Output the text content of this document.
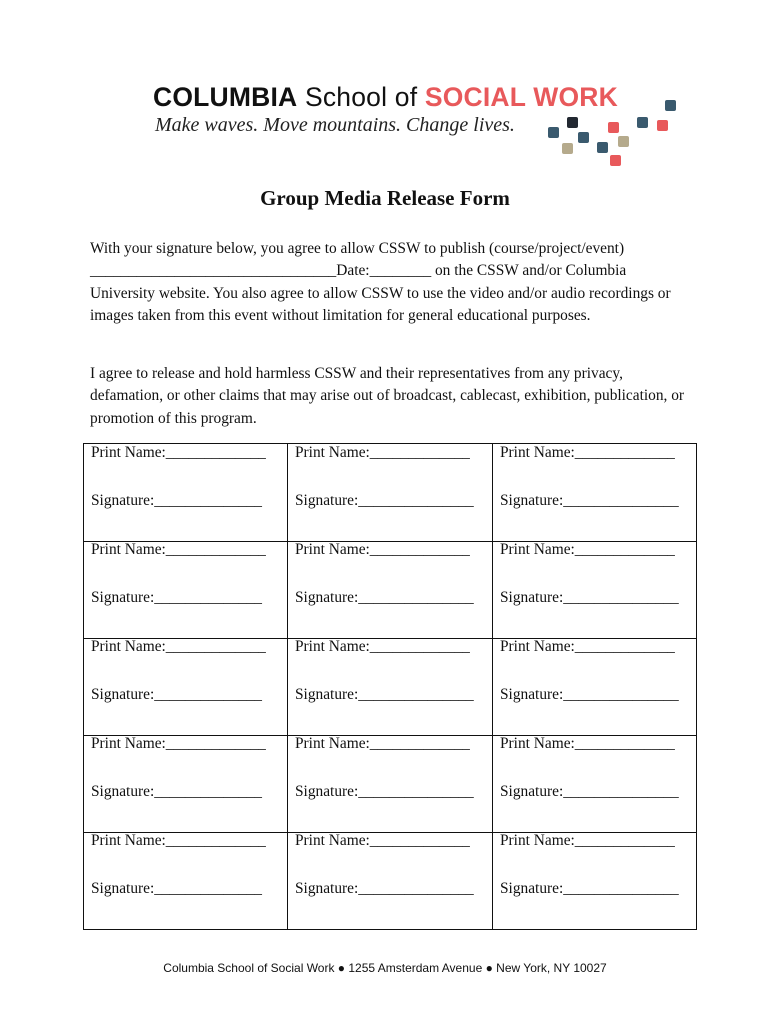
COLUMBIA School of SOCIAL WORK
Make waves. Move mountains. Change lives.
Group Media Release Form

With your signature below, you agree to allow CSSW to publish (course/project/event) ________________________________Date:________ on the CSSW and/or Columbia University website. You also agree to allow CSSW to use the video and/or audio recordings or images taken from this event without limitation for general educational purposes.

I agree to release and hold harmless CSSW and their representatives from any privacy, defamation, or other claims that may arise out of broadcast, cablecast, exhibition, publication, or promotion of this program.

Print Name:_____________
Signature:______________
Print Name:_____________
Signature:_______________
Print Name:_____________
Signature:_______________
Print Name:_____________
Signature:______________
Print Name:_____________
Signature:_______________
Print Name:_____________
Signature:_______________
Print Name:_____________
Signature:______________
Print Name:_____________
Signature:_______________
Print Name:_____________
Signature:_______________
Print Name:_____________
Signature:______________
Print Name:_____________
Signature:_______________
Print Name:_____________
Signature:_______________
Print Name:_____________
Signature:______________
Print Name:_____________
Signature:_______________
Print Name:_____________
Signature:_______________
Columbia School of Social Work ● 1255 Amsterdam Avenue ● New York, NY 10027
